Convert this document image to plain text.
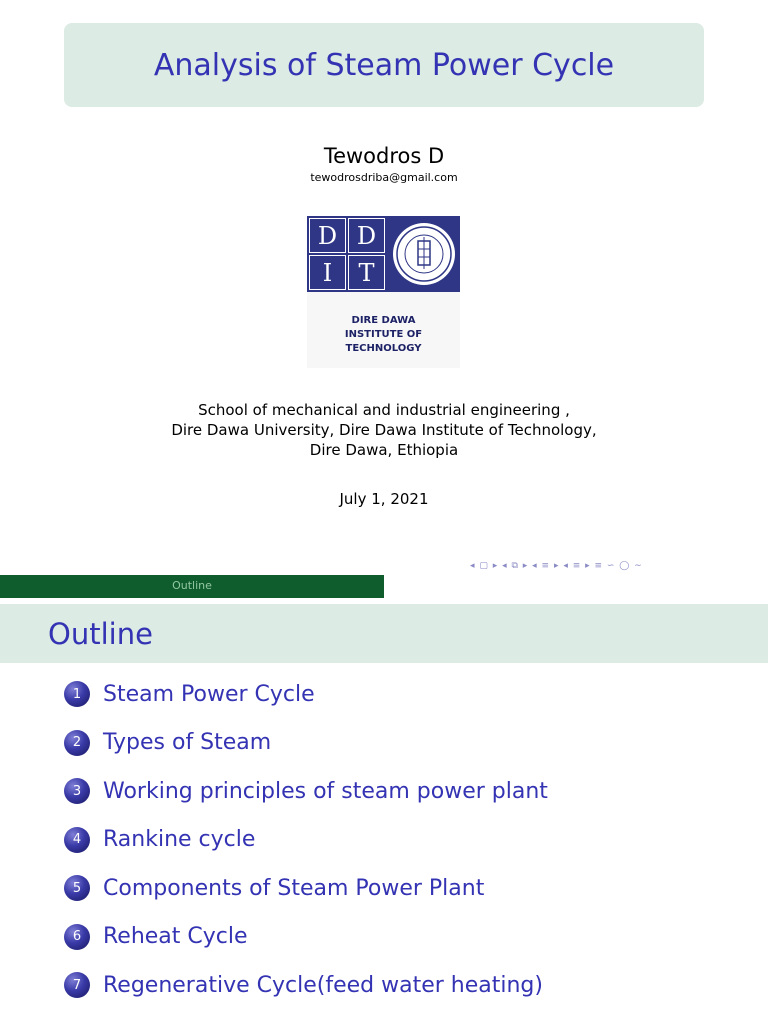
Analysis of Steam Power Cycle
Tewodros D
tewodrosdriba@gmail.com
D D
I	T
DIRE DAWA
INSTITUTE OF TECHNOLOGY
School of mechanical and industrial engineering ,
Dire Dawa University, Dire Dawa Institute of Technology,
Dire Dawa, Ethiopia
July 1, 2021
◂ ▢ ▸ ◂ ⧉ ▸ ◂ ≡ ▸ ◂ ≡ ▸ ≡ ∽ ◯ ∼
Outline
Outline
1 Steam Power Cycle
2 Types of Steam
3 Working principles of steam power plant
4 Rankine cycle
5 Components of Steam Power Plant
6 Reheat Cycle
7 Regenerative Cycle(feed water heating)
